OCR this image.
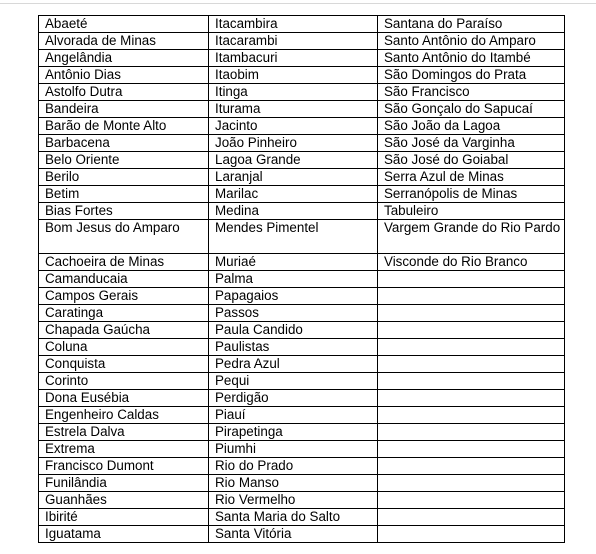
Abaeté	Itacambira	Santana do Paraíso
Alvorada de Minas	Itacarambi	Santo Antônio do Amparo
Angelândia	Itambacuri	Santo Antônio do Itambé
Antônio Dias	Itaobim	São Domingos do Prata
Astolfo Dutra	Itinga	São Francisco
Bandeira	Iturama	São Gonçalo do Sapucaí
Barão de Monte Alto	Jacinto	São João da Lagoa
Barbacena	João Pinheiro	São José da Varginha
Belo Oriente	Lagoa Grande	São José do Goiabal
Berilo	Laranjal	Serra Azul de Minas
Betim	Marilac	Serranópolis de Minas
Bias Fortes	Medina	Tabuleiro
Bom Jesus do Amparo	Mendes Pimentel	Vargem Grande do Rio Pardo
Cachoeira de Minas	Muriaé	Visconde do Rio Branco
Camanducaia	Palma	
Campos Gerais	Papagaios	
Caratinga	Passos	
Chapada Gaúcha	Paula Candido	
Coluna	Paulistas	
Conquista	Pedra Azul	
Corinto	Pequi	
Dona Eusébia	Perdigão	
Engenheiro Caldas	Piauí	
Estrela Dalva	Pirapetinga	
Extrema	Piumhi	
Francisco Dumont	Rio do Prado	
Funilândia	Rio Manso	
Guanhães	Rio Vermelho	
Ibirité	Santa Maria do Salto	
Iguatama	Santa Vitória	
